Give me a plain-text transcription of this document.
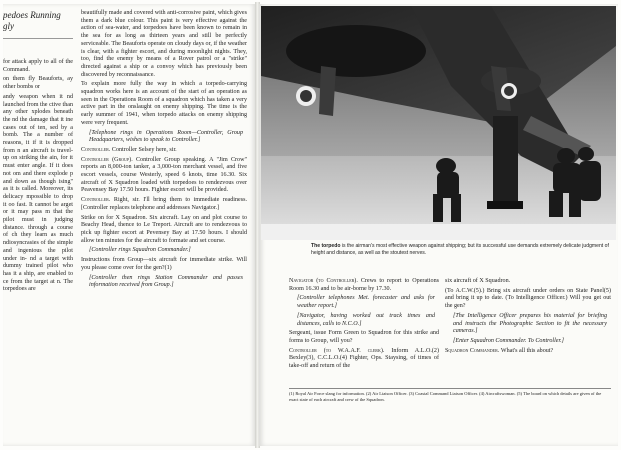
pedoes Running
gly

for attack apply to all of the Command.

on them fly Beauforts, ay other bombs or

andy weapon when it nd launched from the ctive than any other xplodes beneath the nd the damage that it ine cases out of ten, sed by a bomb. The a number of reasons, it if it is dropped from n an aircraft is travel- up on striking the ain, for it must enter angle. If it does not om and there explode p and down as though ising" as it is called. Moreover, its delicacy mpossible to drop it oo fast. It cannot be arget or it may pass m that the pilot must in judging distance. through a course of ch they learn as much ndiosyncrasies of the simple and ingenious the pilot under in- nd a target with dummy trained pilot who has it a ship, are enabled to ce from the target at n. The torpedoes are

beautifully made and covered with anti-corrosive paint, which gives them a dark blue colour. This paint is very effective against the action of sea-water, and torpedoes have been known to remain in the sea for as long as thirteen years and still be perfectly serviceable. The Beauforts operate on cloudy days or, if the weather is clear, with a fighter escort, and during moonlight nights. They, too, find the enemy by means of a Rover patrol or a "strike" directed against a ship or a convoy which has previously been discovered by reconnaissance.

To explain more fully the way in which a torpedo-carrying squadron works here is an account of the start of an operation as seen in the Operations Room of a squadron which has taken a very active part in the onslaught on enemy shipping. The time is the early summer of 1941, when torpedo attacks on enemy shipping were very frequent.

[Telephone rings in Operations Room—Controller, Group Headquarters, wishes to speak to Controller.]

Controller. Controller Selsey here, sir.

Controller (Group). Controller Group speaking. A "Jim Crow" reports an 8,000-ton tanker, a 3,000-ton merchant vessel, and five escort vessels, course Westerly, speed 6 knots, time 16.30. Six aircraft of X Squadron loaded with torpedoes to rendezvous over Peavensey Bay 17.50 hours. Fighter escort will be provided.

Controller. Right, sir. I'll bring them to immediate readiness. [Controller replaces telephone and addresses Navigator.]

Strike on for X Squadron. Six aircraft. Lay on and plot course to Beachy Head, thence to Le Treport. Aircraft are to rendezvous to pick up fighter escort at Pevensey Bay at 17.50 hours. I should allow ten minutes for the aircraft to formate and set course.

[Controller rings Squadron Commander.]

Instructions from Group—six aircraft for immediate strike. Will you please come over for the gen?(1)

[Controller then rings Station Commander and passes information received from Group.]

The torpedo is the airman's most effective weapon against shipping; but its successful use demands extremely delicate judgment of height and distance, as well as the stoutest nerves.

Navigator (to Controller). Crews to report to Operations Room 16.30 and to be air-borne by 17.30.

[Controller telephones Met. forecaster and asks for weather report.]

[Navigator, having worked out track times and distances, calls to N.C.O.]

Sergeant, issue Form Green to Squadron for this strike and forms to Group, will you?

Controller (to W.A.A.F. clerk). Inform A.L.O.(2) Bexley(3), C.C.L.O.(4) Fighter, Ops. Staysing, of times of take-off and return of the

six aircraft of X Squadron.

(To A.C.W.(5).) Bring six aircraft under orders on State Panel(5) and bring it up to date. (To Intelligence Officer.) Will you get out the gen?

[The Intelligence Officer prepares his material for briefing and instructs the Photographic Section to fit the necessary cameras.]

[Enter Squadron Commander. To Controller.]

Squadron Commander. What's all this about?

(1) Royal Air Force slang for information. (2) Air Liaison Officer. (3) Coastal Command Liaison Officer. (4) Aircraftswoman. (5) The board on which details are given of the exact state of each aircraft and crew of the Squadron.
